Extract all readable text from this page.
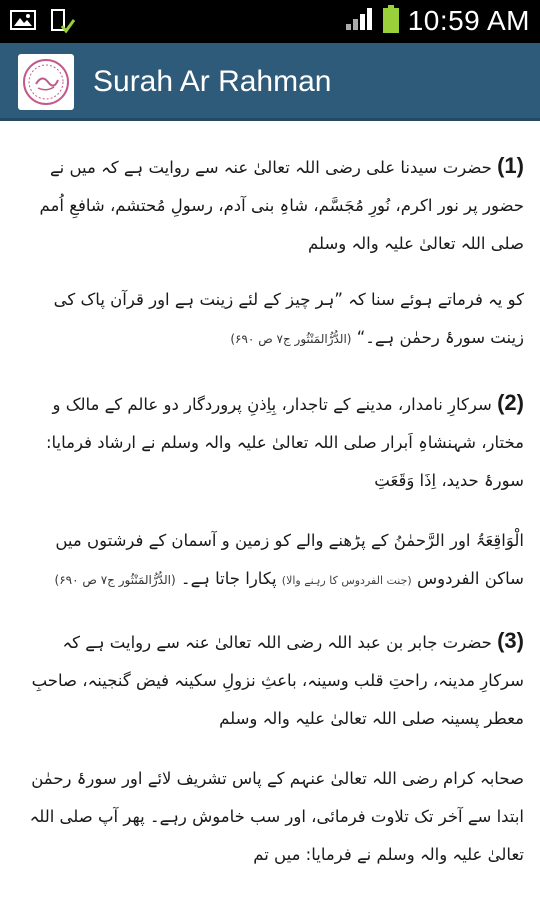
10:59 AM
Surah Ar Rahman
(1) حضرت سیدنا علی رضی اللہ تعالیٰ عنہ سے روایت ہے کہ میں نے حضور پر نور اکرم، نُورِ مُجَسَّم، شاہِ بنی آدم، رسولِ مُحتشم، شافعِ اُمم صلی اللہ تعالیٰ علیہ والہ وسلم
کو یہ فرماتے ہوئے سنا کہ ”ہر چیز کے لئے زینت ہے اور قرآن پاک کی زینت سورۂ رحمٰن ہے۔“ (الدُّرُّالمَنْثُور ج۷ ص ۶۹۰)
(2) سرکارِ نامدار، مدینے کے تاجدار، بِاِذنِ پروردگار دو عالم کے مالک و مختار، شہنشاہِ اَبرار صلی اللہ تعالیٰ علیہ والہ وسلم نے ارشاد فرمایا: سورۂ حدید، اِذَا وَقَعَتِ
الْوَاقِعَۃُ اور الرَّحمٰنُ کے پڑھنے والے کو زمین و آسمان کے فرشتوں میں ساکن الفردوس (جنت الفردوس کا رہنے والا) پکارا جاتا ہے۔ (الدُّرُّالمَنْثُور ج۷ ص ۶۹۰)
(3) حضرت جابر بن عبد اللہ رضی اللہ تعالیٰ عنہ سے روایت ہے کہ سرکارِ مدینہ، راحتِ قلب وسینہ، باعثِ نزولِ سکینہ فیض گنجینہ، صاحبِ معطر پسینہ صلی اللہ تعالیٰ علیہ والہ وسلم
صحابہ کرام رضی اللہ تعالیٰ عنہم کے پاس تشریف لائے اور سورۂ رحمٰن ابتدا سے آخر تک تلاوت فرمائی، اور سب خاموش رہے۔ پھر آپ صلی اللہ تعالیٰ علیہ والہ وسلم نے فرمایا: میں تم
